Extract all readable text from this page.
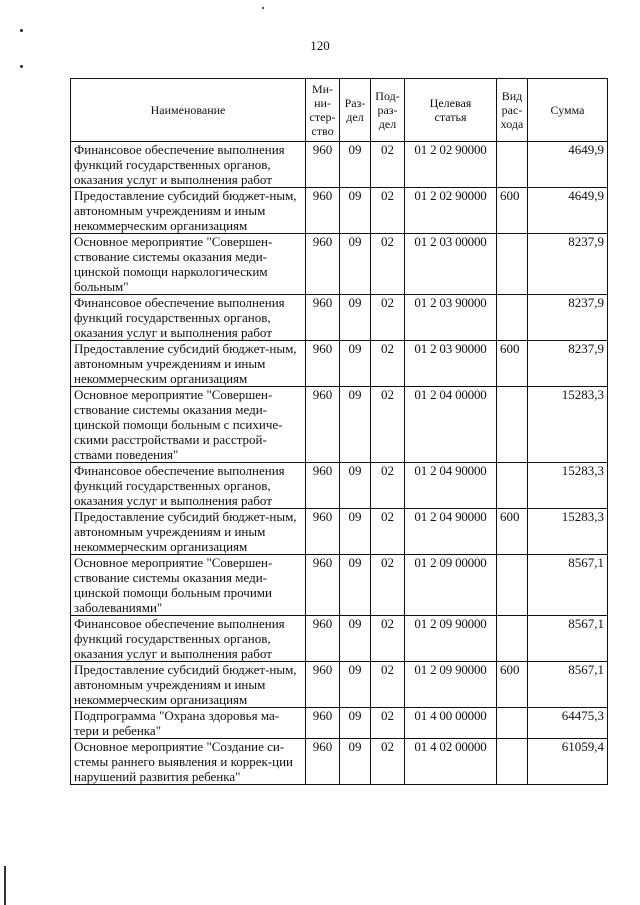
120
Наименование	Ми-
ни-
стер-
ство	Раз-
дел	Под-
раз-
дел	Целевая
статья	Вид
рас-
хода	Сумма
Финансовое обеспечение выполнения функций государственных органов, оказания услуг и выполнения работ	960	09	02	01 2 02 90000		4649,9
Предоставление субсидий бюджет-ным, автономным учреждениям и иным некоммерческим организациям	960	09	02	01 2 02 90000	600	4649,9
Основное мероприятие "Совершен-ствование системы оказания меди-цинской помощи наркологическим больным"	960	09	02	01 2 03 00000		8237,9
Финансовое обеспечение выполнения функций государственных органов, оказания услуг и выполнения работ	960	09	02	01 2 03 90000		8237,9
Предоставление субсидий бюджет-ным, автономным учреждениям и иным некоммерческим организациям	960	09	02	01 2 03 90000	600	8237,9
Основное мероприятие "Совершен-ствование системы оказания меди-цинской помощи больным с психиче-скими расстройствами и расстрой-ствами поведения"	960	09	02	01 2 04 00000		15283,3
Финансовое обеспечение выполнения функций государственных органов, оказания услуг и выполнения работ	960	09	02	01 2 04 90000		15283,3
Предоставление субсидий бюджет-ным, автономным учреждениям и иным некоммерческим организациям	960	09	02	01 2 04 90000	600	15283,3
Основное мероприятие "Совершен-ствование системы оказания меди-цинской помощи больным прочими заболеваниями"	960	09	02	01 2 09 00000		8567,1
Финансовое обеспечение выполнения функций государственных органов, оказания услуг и выполнения работ	960	09	02	01 2 09 90000		8567,1
Предоставление субсидий бюджет-ным, автономным учреждениям и иным некоммерческим организациям	960	09	02	01 2 09 90000	600	8567,1
Подпрограмма "Охрана здоровья ма-тери и ребенка"	960	09	02	01 4 00 00000		64475,3
Основное мероприятие "Создание си-стемы раннего выявления и коррек-ции нарушений развития ребенка"	960	09	02	01 4 02 00000		61059,4
